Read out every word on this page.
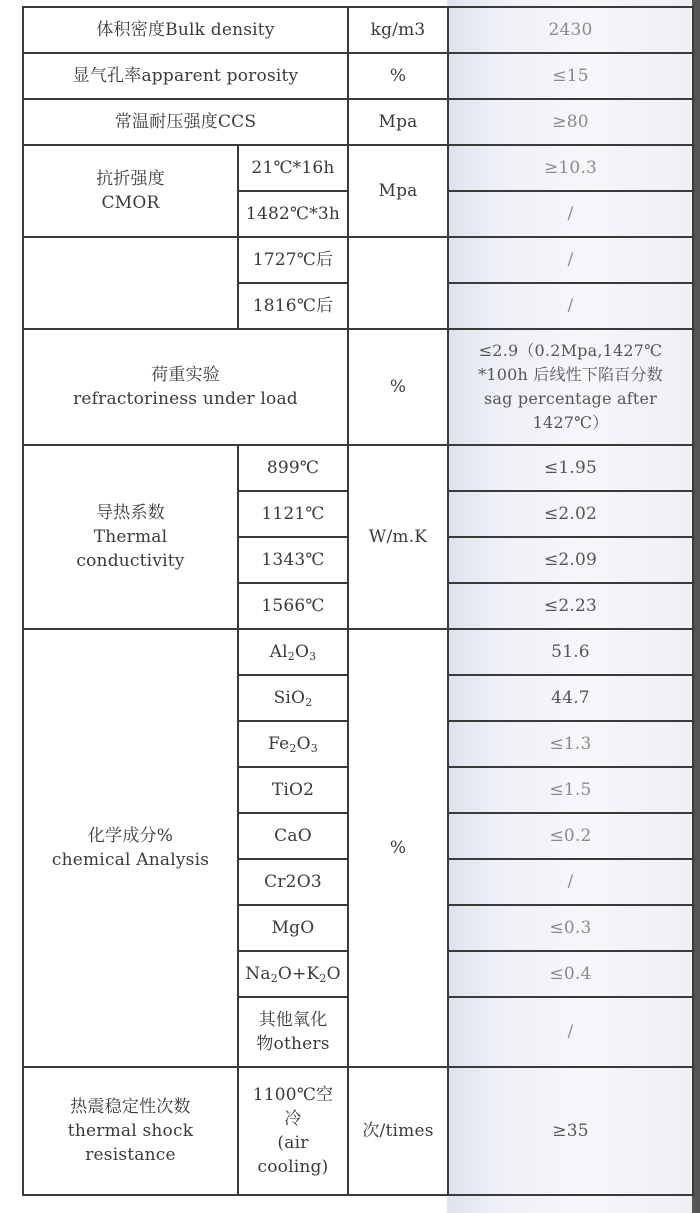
体积密度Bulk density		kg/m3	2430
显气孔率apparent porosity		%	≤15
常温耐压强度CCS		Mpa	≥80

抗折强度
CMOR	21℃*16h	Mpa	≥10.3
	1482℃*3h		/
	1727℃后		/
	1816℃后		/

荷重实验
refractoriness under load		%	≤2.9（0.2Mpa,1427℃
*100h 后线性下陷百分数
sag percentage after
1427℃）

导热系数
Thermal
conductivity	899℃	W/m.K	≤1.95
	1121℃		≤2.02
	1343℃		≤2.09
	1566℃		≤2.23

化学成分%
chemical Analysis	$Al_2O_3$	%	51.6
	SiO$_2$		44.7
	$Fe_2O_3$		≤1.3
	TiO2		≤1.5
	CaO		≤0.2
	Cr2O3		/
	MgO		≤0.3
	$Na_2O+K_2O$		≤0.4

	其他氧化
物others		/

热震稳定性次数
thermal shock
resistance	1100℃空
冷
(air
cooling)	次/times	≥35
